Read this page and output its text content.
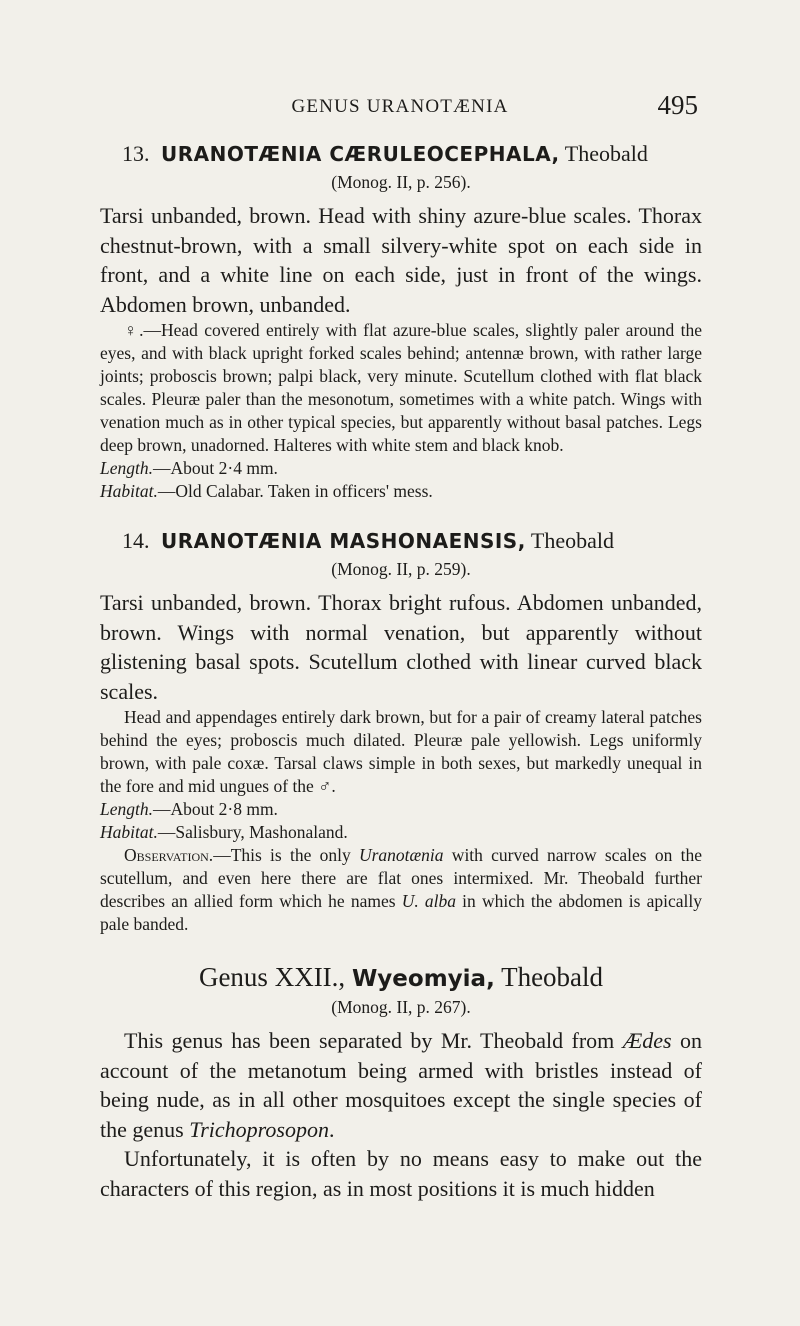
GENUS URANOTÆNIA	495
13. URANOTÆNIA CÆRULEOCEPHALA, Theobald
(Monog. II, p. 256).

Tarsi unbanded, brown. Head with shiny azure-blue scales. Thorax chestnut-brown, with a small silvery-white spot on each side in front, and a white line on each side, just in front of the wings. Abdomen brown, unbanded.

♀.—Head covered entirely with flat azure-blue scales, slightly paler around the eyes, and with black upright forked scales behind; antennæ brown, with rather large joints; proboscis brown; palpi black, very minute. Scutellum clothed with flat black scales. Pleuræ paler than the mesonotum, sometimes with a white patch. Wings with venation much as in other typical species, but apparently without basal patches. Legs deep brown, unadorned. Halteres with white stem and black knob.

Length.—About 2·4 mm.

Habitat.—Old Calabar. Taken in officers' mess.

14. URANOTÆNIA MASHONAENSIS, Theobald
(Monog. II, p. 259).

Tarsi unbanded, brown. Thorax bright rufous. Abdomen unbanded, brown. Wings with normal venation, but apparently without glistening basal spots. Scutellum clothed with linear curved black scales.

Head and appendages entirely dark brown, but for a pair of creamy lateral patches behind the eyes; proboscis much dilated. Pleuræ pale yellowish. Legs uniformly brown, with pale coxæ. Tarsal claws simple in both sexes, but markedly unequal in the fore and mid ungues of the ♂.

Length.—About 2·8 mm.

Habitat.—Salisbury, Mashonaland.

Observation.—This is the only Uranotænia with curved narrow scales on the scutellum, and even here there are flat ones intermixed. Mr. Theobald further describes an allied form which he names U. alba in which the abdomen is apically pale banded.

Genus XXII., Wyeomyia, Theobald
(Monog. II, p. 267).

This genus has been separated by Mr. Theobald from Ædes on account of the metanotum being armed with bristles instead of being nude, as in all other mosquitoes except the single species of the genus Trichoprosopon.

Unfortunately, it is often by no means easy to make out the characters of this region, as in most positions it is much hidden
